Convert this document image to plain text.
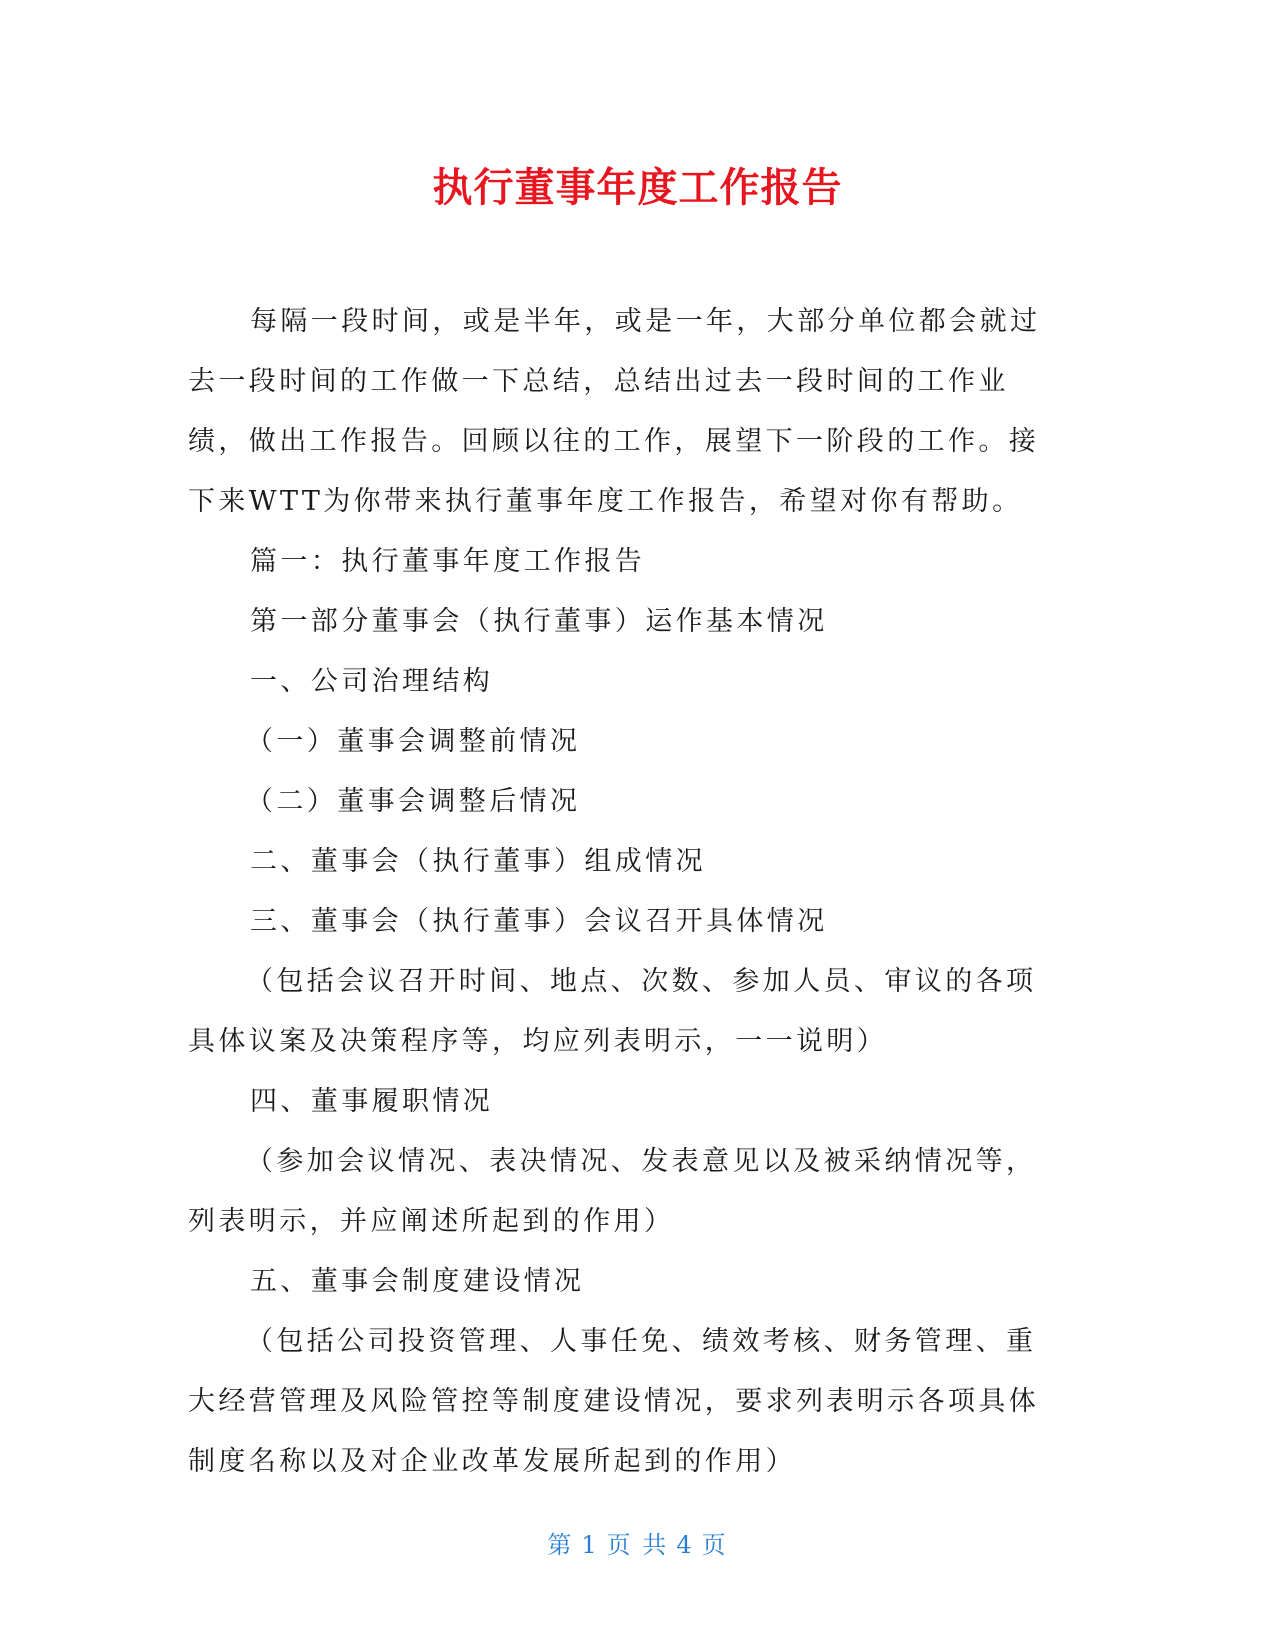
执行董事年度工作报告

每隔一段时间，或是半年，或是一年，大部分单位都会就过去一段时间的工作做一下总结，总结出过去一段时间的工作业绩，做出工作报告。回顾以往的工作，展望下一阶段的工作。接下来WTT为你带来执行董事年度工作报告，希望对你有帮助。

篇一：执行董事年度工作报告

第一部分董事会（执行董事）运作基本情况

一、公司治理结构

（一）董事会调整前情况

（二）董事会调整后情况

二、董事会（执行董事）组成情况

三、董事会（执行董事）会议召开具体情况

（包括会议召开时间、地点、次数、参加人员、审议的各项具体议案及决策程序等，均应列表明示，一一说明）

四、董事履职情况

（参加会议情况、表决情况、发表意见以及被采纳情况等，列表明示，并应阐述所起到的作用）

五、董事会制度建设情况

（包括公司投资管理、人事任免、绩效考核、财务管理、重大经营管理及风险管控等制度建设情况，要求列表明示各项具体制度名称以及对企业改革发展所起到的作用）

第 1 页 共 4 页
